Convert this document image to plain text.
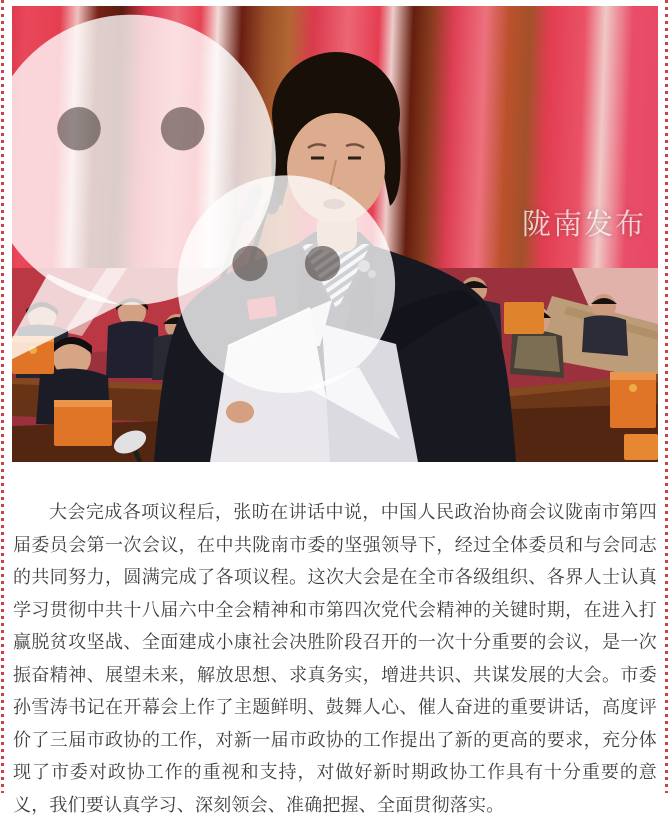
陇南发布

大会完成各项议程后，张昉在讲话中说，中国人民政治协商会议陇南市第四届委员会第一次会议，在中共陇南市委的坚强领导下，经过全体委员和与会同志的共同努力，圆满完成了各项议程。这次大会是在全市各级组织、各界人士认真学习贯彻中共十八届六中全会精神和市第四次党代会精神的关键时期，在进入打赢脱贫攻坚战、全面建成小康社会决胜阶段召开的一次十分重要的会议，是一次振奋精神、展望未来，解放思想、求真务实，增进共识、共谋发展的大会。市委孙雪涛书记在开幕会上作了主题鲜明、鼓舞人心、催人奋进的重要讲话，高度评价了三届市政协的工作，对新一届市政协的工作提出了新的更高的要求，充分体现了市委对政协工作的重视和支持，对做好新时期政协工作具有十分重要的意义，我们要认真学习、深刻领会、准确把握、全面贯彻落实。
